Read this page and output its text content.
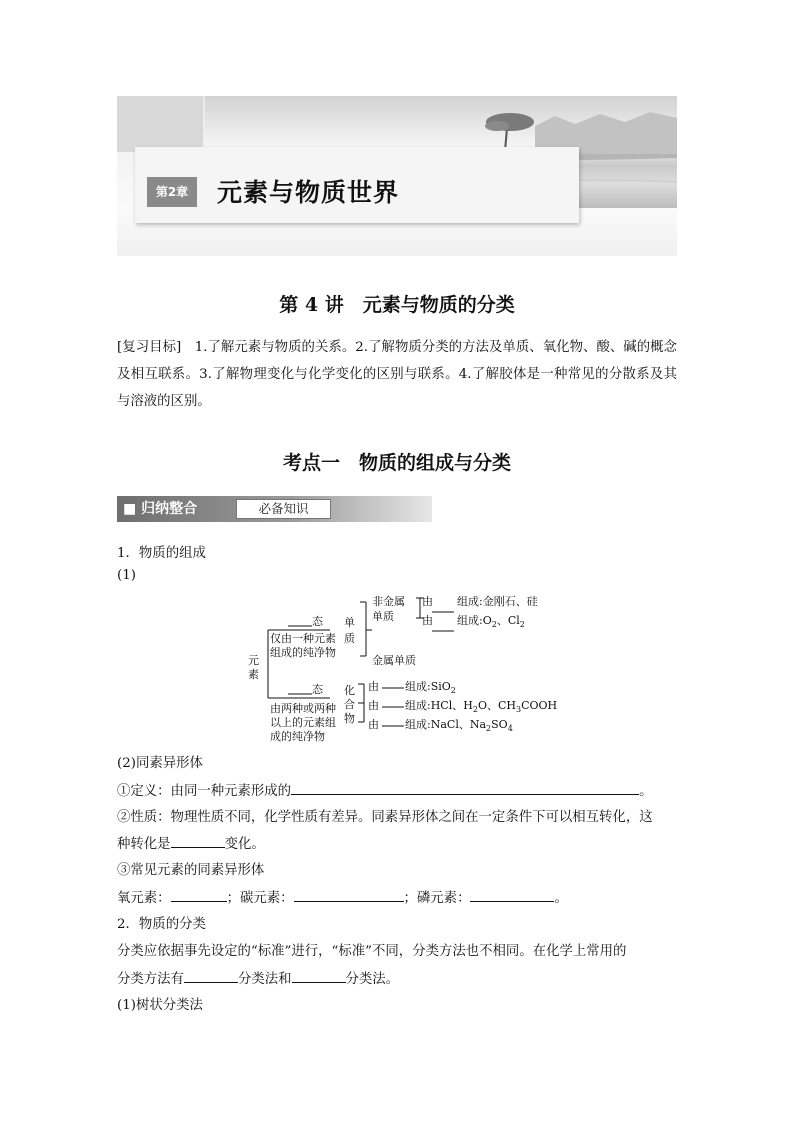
第2章	元素与物质世界
第 4 讲　元素与物质的分类
[复习目标]　1.了解元素与物质的关系。2.了解物质分类的方法及单质、氧化物、酸、碱的概念及相互联系。3.了解物理变化与化学变化的区别与联系。4.了解胶体是一种常见的分散系及其与溶液的区别。
考点一　物质的组成与分类
■ 归纳整合	必备知识
1．物质的组成
(1)
元
素
态
仅由一种元素
组成的纯净物
态
由两种或两种
以上的元素组
成的纯净物
单
质
化
合
物
非金属
单质
金属单质
由 组成:金刚石、硅
由 组成$:O_2$、$Cl_2$
由 组成:SiO$_2$
由 组成:HCl、$H_2O$、$CH_3COOH$
由 组成:NaCl、$Na_2SO_4$
(2)同素异形体
①定义：由同一种元素形成的	。
②性质：物理性质不同，化学性质有差异。同素异形体之间在一定条件下可以相互转化，这
种转化是	变化。
③常见元素的同素异形体
氧元素：	；碳元素：	；磷元素：	。
2．物质的分类
分类应依据事先设定的“标准”进行，“标准”不同，分类方法也不相同。在化学上常用的
分类方法有	分类法和	分类法。
(1)树状分类法
